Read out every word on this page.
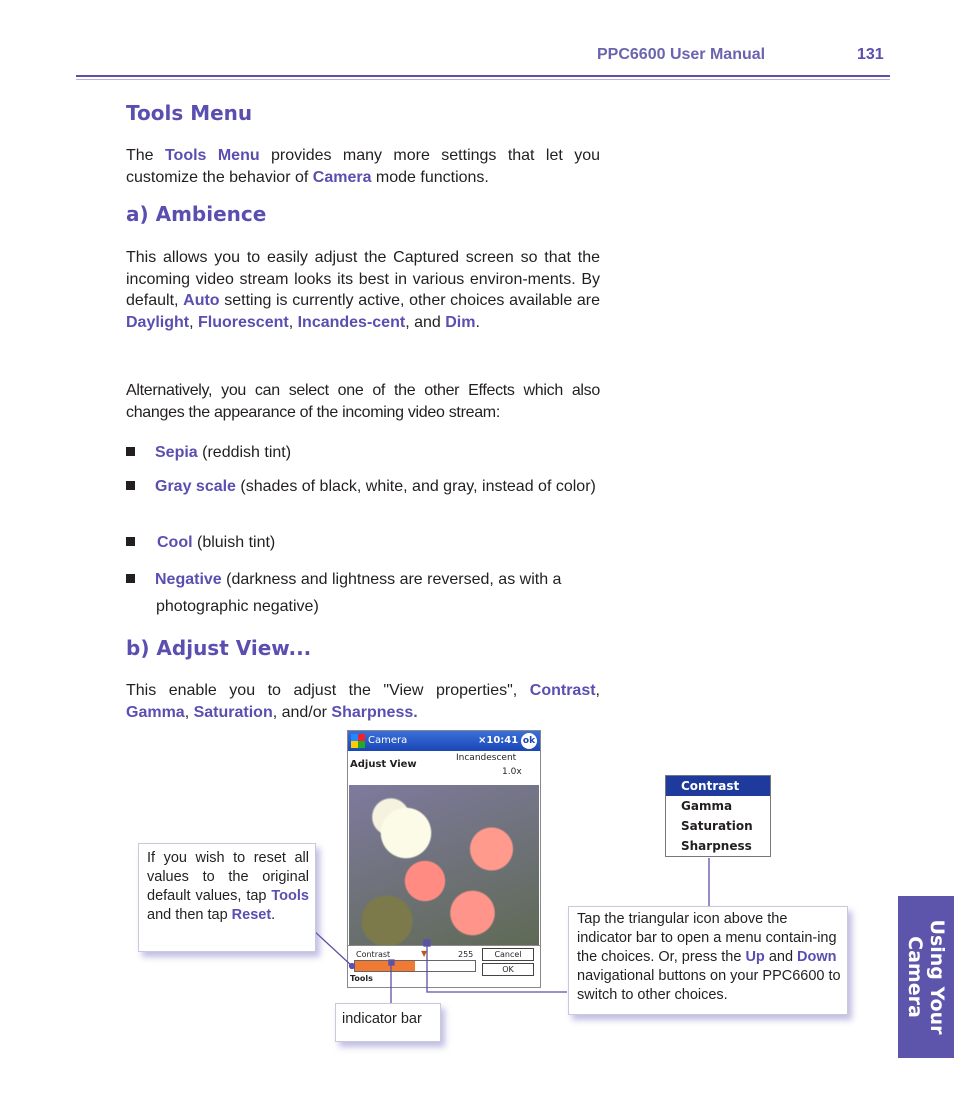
PPC6600 User Manual	131
Tools Menu

The Tools Menu provides many more settings that let you customize the behavior of Camera mode functions.

a) Ambience

This allows you to easily adjust the Captured screen so that the incoming video stream looks its best in various environ-ments. By default, Auto setting is currently active, other choices available are Daylight, Fluorescent, Incandes-cent, and Dim.

Alternatively, you can select one of the other Effects which also changes the appearance of the incoming video stream:

Sepia (reddish tint)
Gray scale (shades of black, white, and gray, instead of color)
Cool (bluish tint)
Negative (darkness and lightness are reversed, as with a photographic negative)
b) Adjust View...

This enable you to adjust the "View properties", Contrast, Gamma, Saturation, and/or Sharpness.

Camera	×10:41 ok
Adjust View
Incandescent
1.0x
Contrast	▼	255	Cancel
OK
Tools
Contrast
Gamma
Saturation
Sharpness
If you wish to reset all values to the original default values, tap Tools and then tap Reset.
indicator bar
Tap the triangular icon above the indicator bar to open a menu contain-ing the choices. Or, press the Up and Down navigational buttons on your PPC6600 to switch to other choices.	Using Your
Camera
